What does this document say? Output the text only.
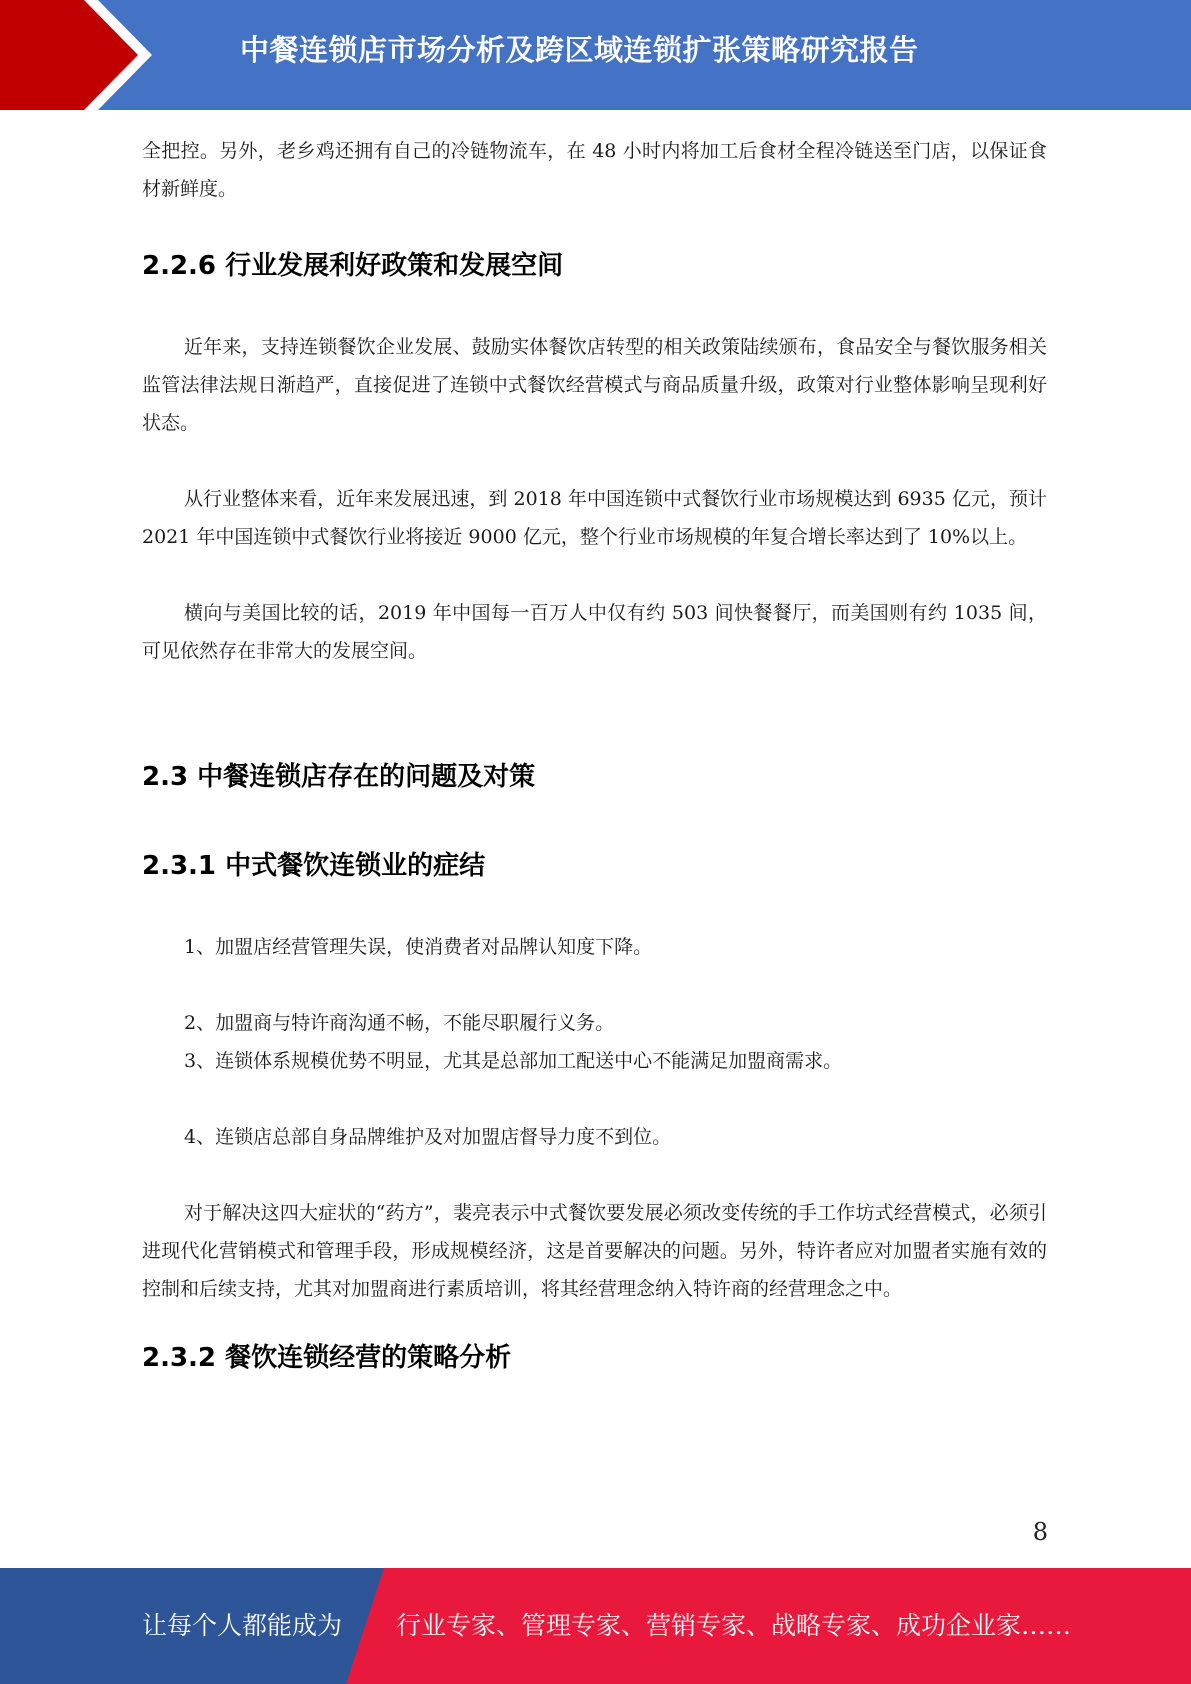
中餐连锁店市场分析及跨区域连锁扩张策略研究报告

全把控。另外，老乡鸡还拥有自己的冷链物流车，在 48 小时内将加工后食材全程冷链送至门店，以保证食材新鲜度。

2.2.6 行业发展利好政策和发展空间

近年来，支持连锁餐饮企业发展、鼓励实体餐饮店转型的相关政策陆续颁布，食品安全与餐饮服务相关监管法律法规日渐趋严，直接促进了连锁中式餐饮经营模式与商品质量升级，政策对行业整体影响呈现利好状态。

从行业整体来看，近年来发展迅速，到 2018 年中国连锁中式餐饮行业市场规模达到 6935 亿元，预计 2021 年中国连锁中式餐饮行业将接近 9000 亿元，整个行业市场规模的年复合增长率达到了 10%以上。

横向与美国比较的话，2019 年中国每一百万人中仅有约 503 间快餐餐厅，而美国则有约 1035 间，可见依然存在非常大的发展空间。

2.3 中餐连锁店存在的问题及对策
2.3.1 中式餐饮连锁业的症结

1、加盟店经营管理失误，使消费者对品牌认知度下降。

2、加盟商与特许商沟通不畅，不能尽职履行义务。

3、连锁体系规模优势不明显，尤其是总部加工配送中心不能满足加盟商需求。

4、连锁店总部自身品牌维护及对加盟店督导力度不到位。

对于解决这四大症状的“药方”，裴亮表示中式餐饮要发展必须改变传统的手工作坊式经营模式，必须引进现代化营销模式和管理手段，形成规模经济，这是首要解决的问题。另外，特许者应对加盟者实施有效的控制和后续支持，尤其对加盟商进行素质培训，将其经营理念纳入特许商的经营理念之中。

2.3.2 餐饮连锁经营的策略分析
8
让每个人都能成为 行业专家、管理专家、营销专家、战略专家、成功企业家……
